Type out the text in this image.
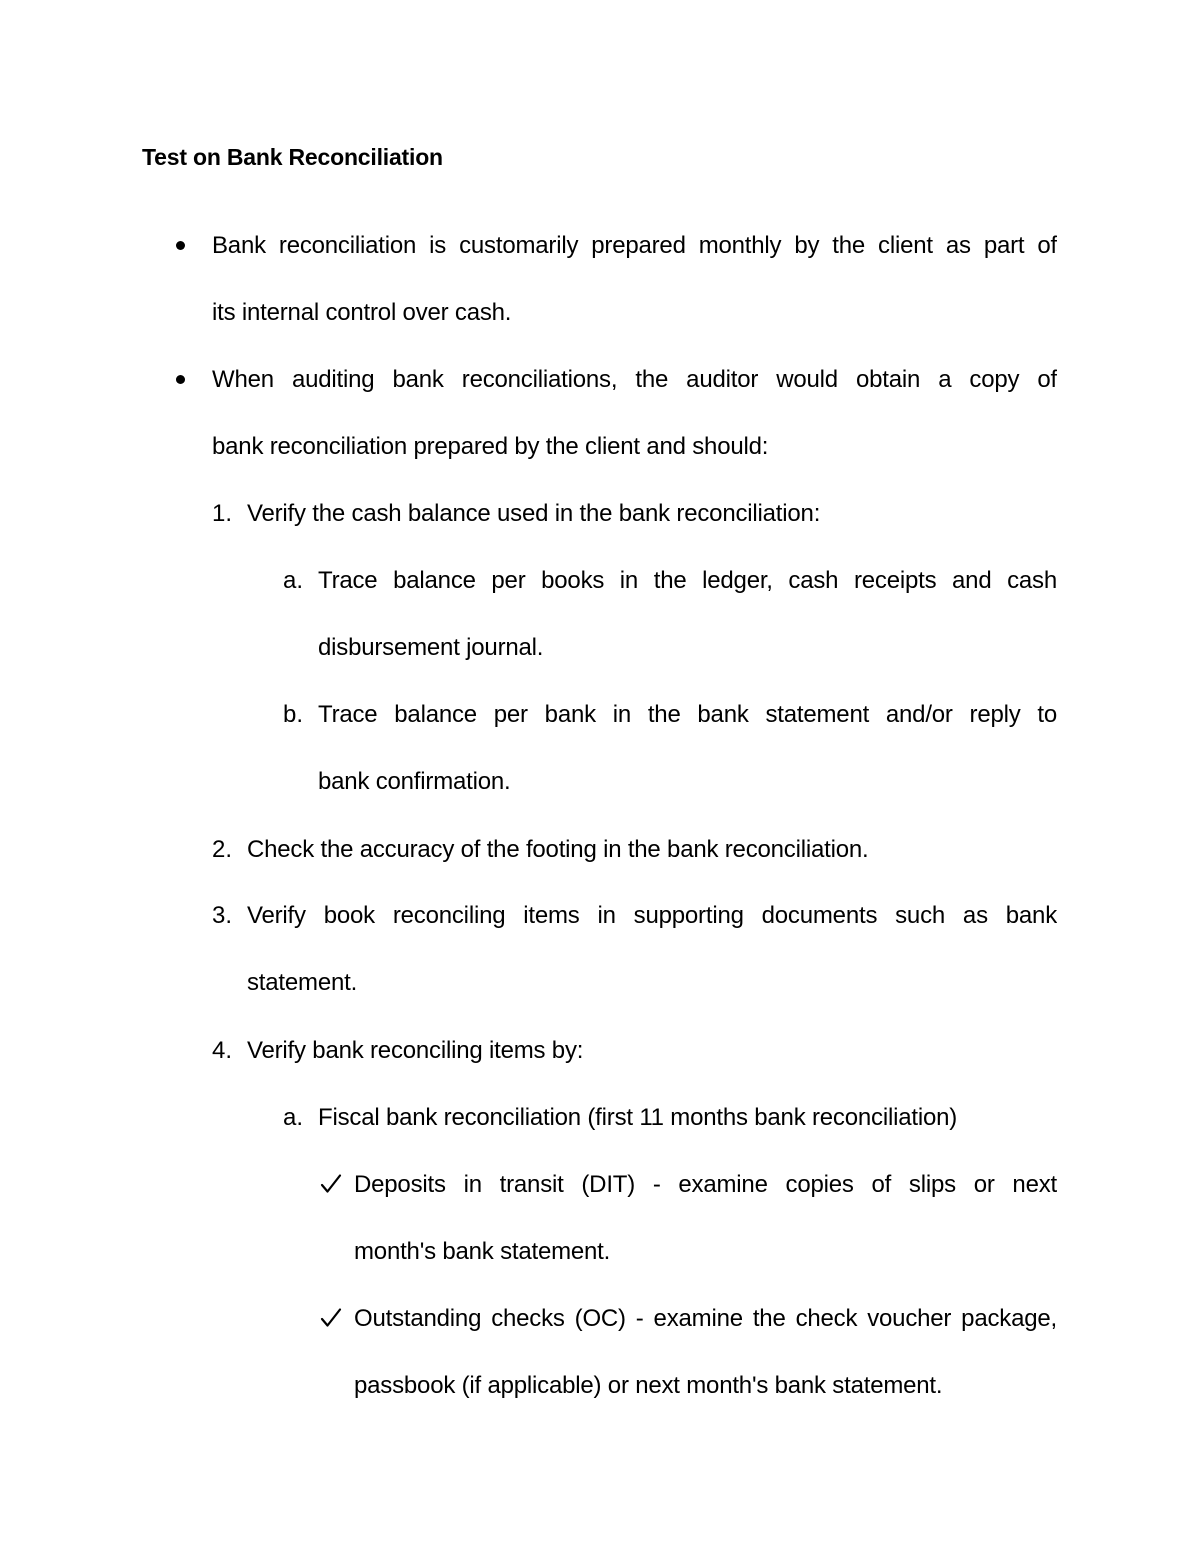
Test on Bank Reconciliation
Bank reconciliation is customarily prepared monthly by the client as part of
its internal control over cash.
When auditing bank reconciliations, the auditor would obtain a copy of
bank reconciliation prepared by the client and should:
1. Verify the cash balance used in the bank reconciliation:
a. Trace balance per books in the ledger, cash receipts and cash
disbursement journal.
b. Trace balance per bank in the bank statement and/or reply to
bank confirmation.
2. Check the accuracy of the footing in the bank reconciliation.
3. Verify book reconciling items in supporting documents such as bank
statement.
4. Verify bank reconciling items by:
a. Fiscal bank reconciliation (first 11 months bank reconciliation)
Deposits in transit (DIT) - examine copies of slips or next
month's bank statement.
Outstanding checks (OC) - examine the check voucher package,
passbook (if applicable) or next month's bank statement.
